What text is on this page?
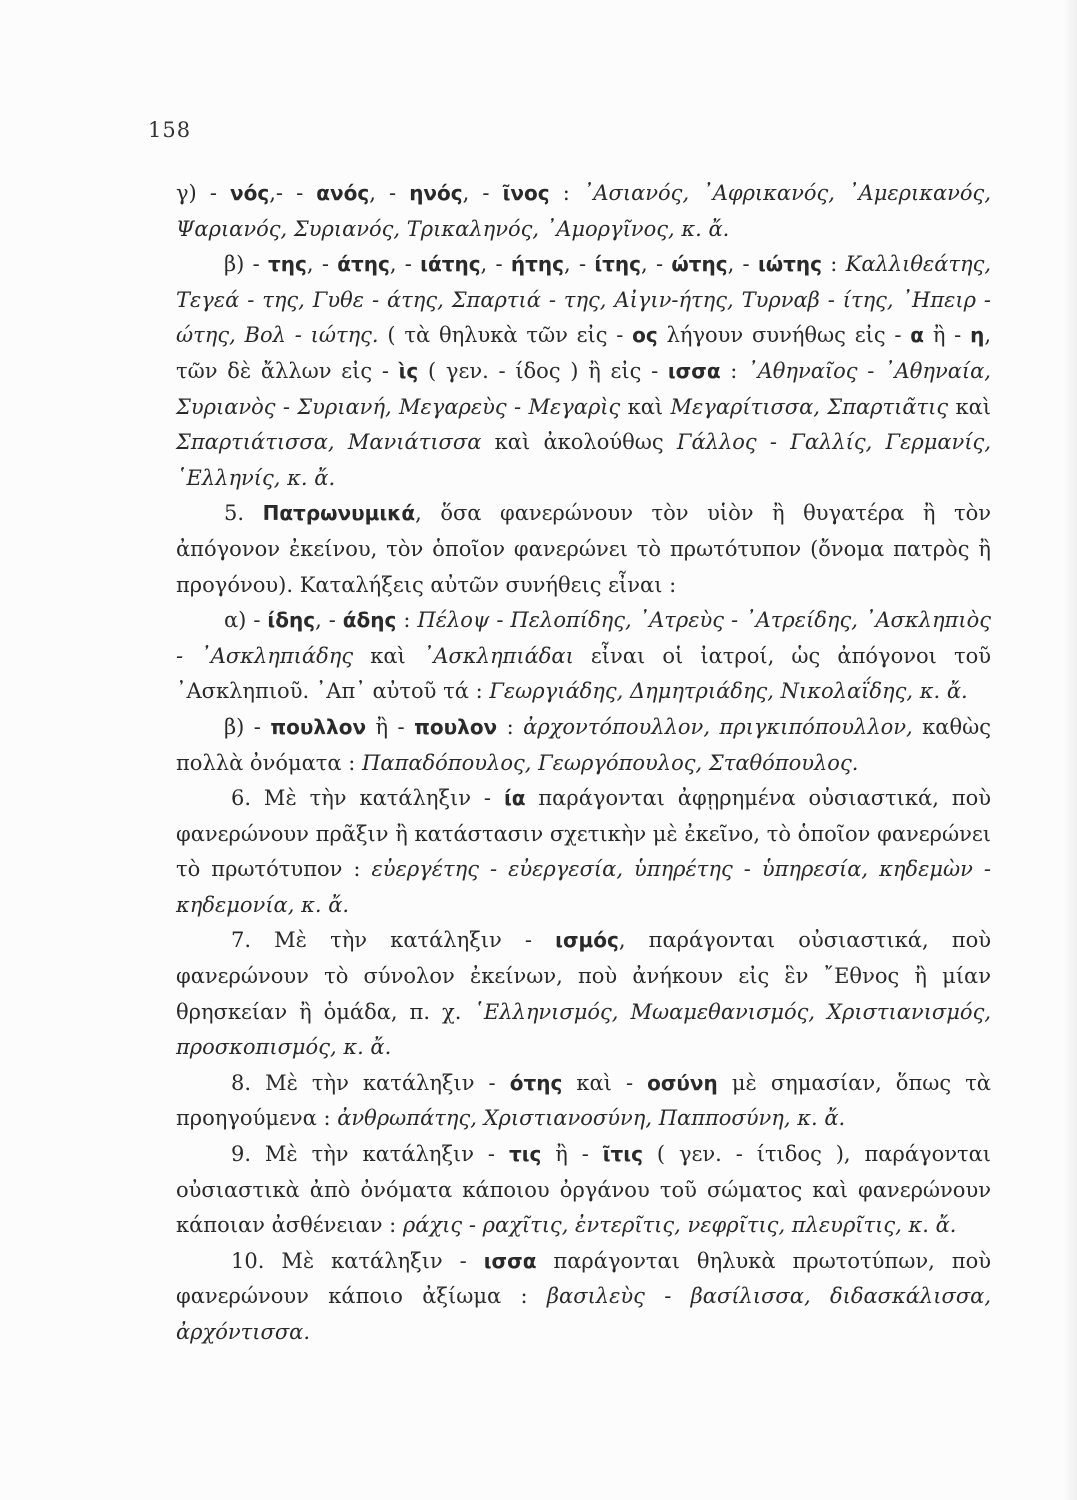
158

γ) - νός,- - ανός, - ηνός, - ῖνος : ᾿Ασιανός, ᾿Αφρικανός, ᾿Αμερικανός, Ψαριανός, Συριανός, Τρικαληνός, ᾿Αμοργῖνος, κ. ἄ.

β) - της, - άτης, - ιάτης, - ήτης, - ίτης, - ώτης, - ιώτης : Καλλιθεάτης, Τεγεά - της, Γυθε - άτης, Σπαρτιά - της, Αἰγιν-ήτης, Τυρναβ - ίτης, ᾿Ηπειρ - ώτης, Βολ - ιώτης. ( τὰ θηλυκὰ τῶν εἰς - ος λήγουν συνήθως εἰς - α ἢ - η, τῶν δὲ ἄλλων εἰς - ὶς ( γεν. - ίδος ) ἢ εἰς - ισσα : ᾿Αθηναῖος - ᾿Αθηναία, Συριανὸς - Συριανή, Μεγαρεὺς - Μεγαρὶς καὶ Μεγαρίτισσα, Σπαρτιᾶτις καὶ Σπαρτιάτισσα, Μανιάτισσα καὶ ἀκολούθως Γάλλος - Γαλλίς, Γερμανίς, ῾Ελληνίς, κ. ἄ.

5. Πατρωνυμικά, ὅσα φανερώνουν τὸν υἱὸν ἢ θυγατέρα ἢ τὸν ἀπόγονον ἐκείνου, τὸν ὁποῖον φανερώνει τὸ πρωτότυπον (ὄνομα πατρὸς ἢ προγόνου). Καταλήξεις αὐτῶν συνήθεις εἶναι :

α) - ίδης, - άδης : Πέλοψ - Πελοπίδης, ᾿Ατρεὺς - ᾿Ατρείδης, ᾿Ασκληπιὸς - ᾿Ασκληπιάδης καὶ ᾿Ασκληπιάδαι εἶναι οἱ ἰατροί, ὡς ἀπόγονοι τοῦ ᾿Ασκληπιοῦ. ᾿Απ᾿ αὐτοῦ τά : Γεωργιάδης, Δημητριάδης, Νικολαΐδης, κ. ἄ.

β) - πουλλον ἢ - πουλον : ἀρχοντόπουλλον, πριγκιπόπουλλον, καθὼς πολλὰ ὀνόματα : Παπαδόπουλος, Γεωργόπουλος, Σταθόπουλος.

6. Μὲ τὴν κατάληξιν - ία παράγονται ἀφῃρημένα οὐσιαστικά, ποὺ φανερώνουν πρᾶξιν ἢ κατάστασιν σχετικὴν μὲ ἐκεῖνο, τὸ ὁποῖον φανερώνει τὸ πρωτότυπον : εὐεργέτης - εὐεργεσία, ὑπηρέτης - ὑπηρεσία, κηδεμὼν - κηδεμονία, κ. ἄ.

7. Μὲ τὴν κατάληξιν - ισμός, παράγονται οὐσιαστικά, ποὺ φανερώνουν τὸ σύνολον ἐκείνων, ποὺ ἀνήκουν εἰς ἓν ῎Εθνος ἢ μίαν θρησκείαν ἢ ὁμάδα, π. χ. ῾Ελληνισμός, Μωαμεθανισμός, Χριστιανισμός, προσκοπισμός, κ. ἄ.

8. Μὲ τὴν κατάληξιν - ότης καὶ - οσύνη μὲ σημασίαν, ὅπως τὰ προηγούμενα : ἀνθρωπάτης, Χριστιανοσύνη, Παπποσύνη, κ. ἄ.

9. Μὲ τὴν κατάληξιν - τις ἢ - ῖτις ( γεν. - ίτιδος ), παράγονται οὐσιαστικὰ ἀπὸ ὀνόματα κάποιου ὀργάνου τοῦ σώματος καὶ φανερώνουν κάποιαν ἀσθένειαν : ράχις - ραχῖτις, ἐντερῖτις, νεφρῖτις, πλευρῖτις, κ. ἄ.

10. Μὲ κατάληξιν - ισσα παράγονται θηλυκὰ πρωτοτύπων, ποὺ φανερώνουν κάποιο ἀξίωμα : βασιλεὺς - βασίλισσα, διδασκάλισσα, ἀρχόντισσα.
